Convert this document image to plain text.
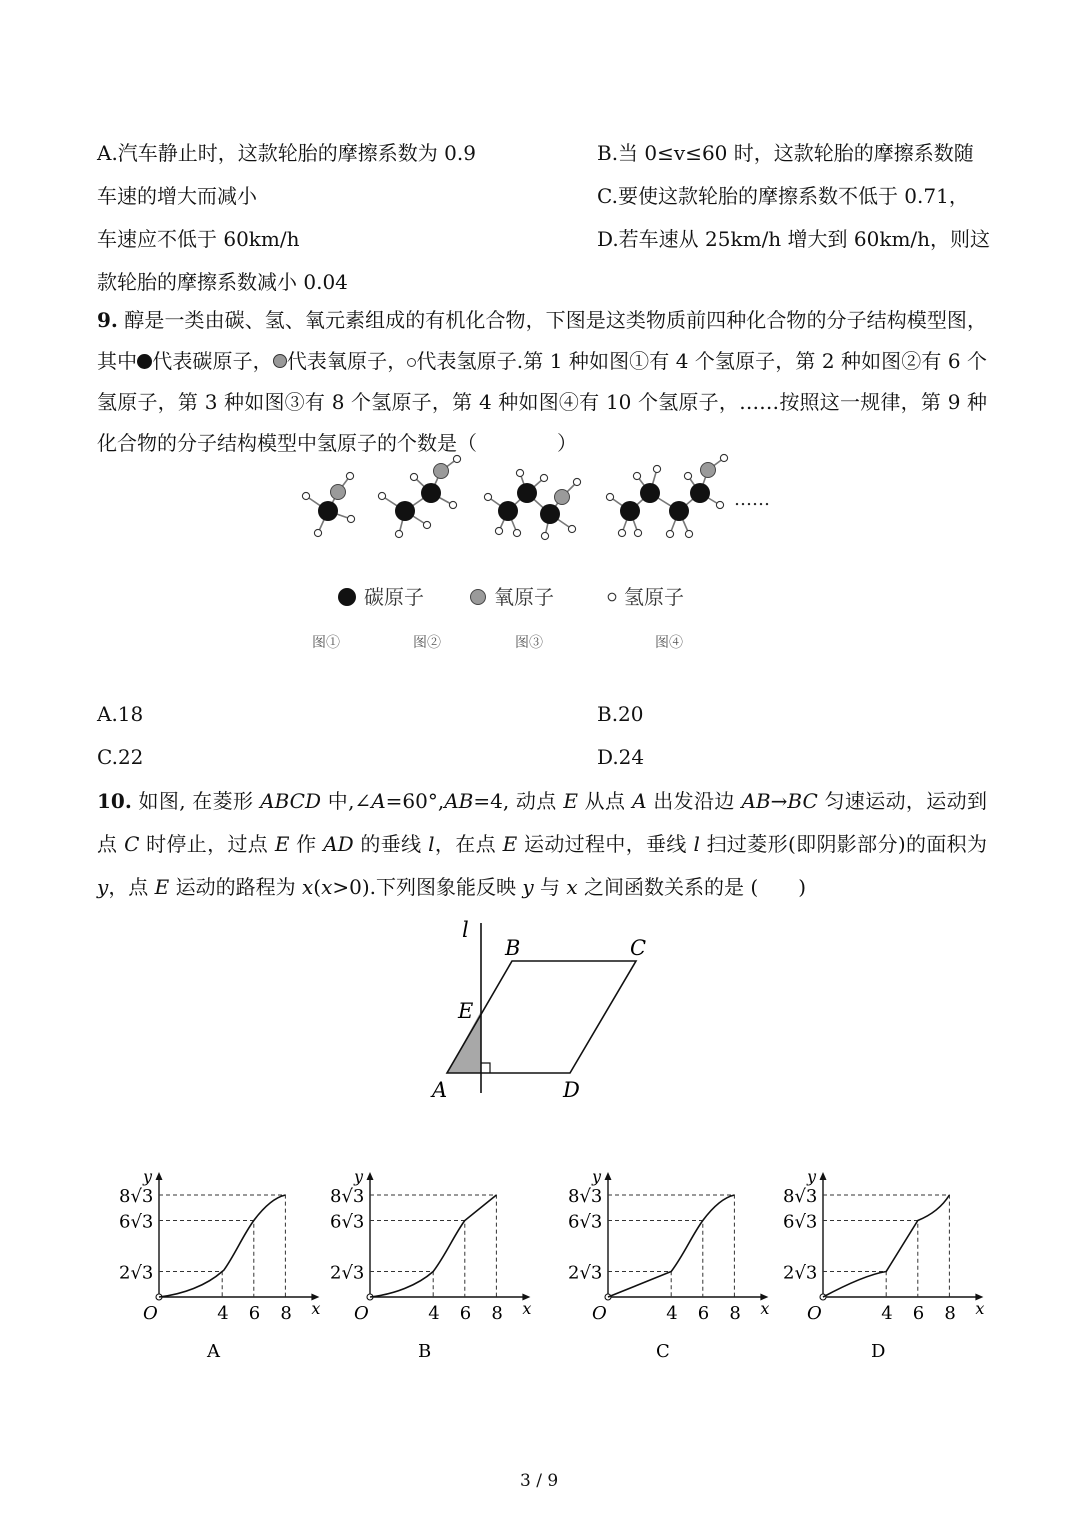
A.汽车静止时，这款轮胎的摩擦系数为 0.9	B.当 0≤v≤60 时，这款轮胎的摩擦系数随
车速的增大而减小	C.要使这款轮胎的摩擦系数不低于 0.71，
车速应不低于 60km/h	D.若车速从 25km/h 增大到 60km/h，则这
款轮胎的摩擦系数减小 0.04
9. 醇是一类由碳、氢、氧元素组成的有机化合物，下图是这类物质前四种化合物的分子结构模型图，其中 代表碳原子， 代表氧原子， 代表氢原子.第 1 种如图①有 4 个氢原子，第 2 种如图②有 6 个氢原子，第 3 种如图③有 8 个氢原子，第 4 种如图④有 10 个氢原子，……按照这一规律，第 9 种化合物的分子结构模型中氢原子的个数是（　　　　）
……
碳原子	氧原子	氢原子
图①	图②	图③	图④
A.18	B.20
C.22	D.24
10. 如图, 在菱形 ABCD 中,∠A=60°,AB=4, 动点 E 从点 A 出发沿边 AB→BC 匀速运动，运动到点 C 时停止，过点 E 作 AD 的垂线 l，在点 E 运动过程中，垂线 l 扫过菱形(即阴影部分)的面积为 y，点 E 运动的路程为 x(x>0).下列图象能反映 y 与 x 之间函数关系的是 (　　)
l
B	C
E
A	D
8√3
6√3
2√3
4 6 8
O	x
y
A
8√3
6√3
2√3
4 6 8
O	x
y
B
8√3
6√3
2√3
4 6 8
O	x
y
C
8√3
6√3
2√3
4 6 8
O	x
y
D
3 / 9
